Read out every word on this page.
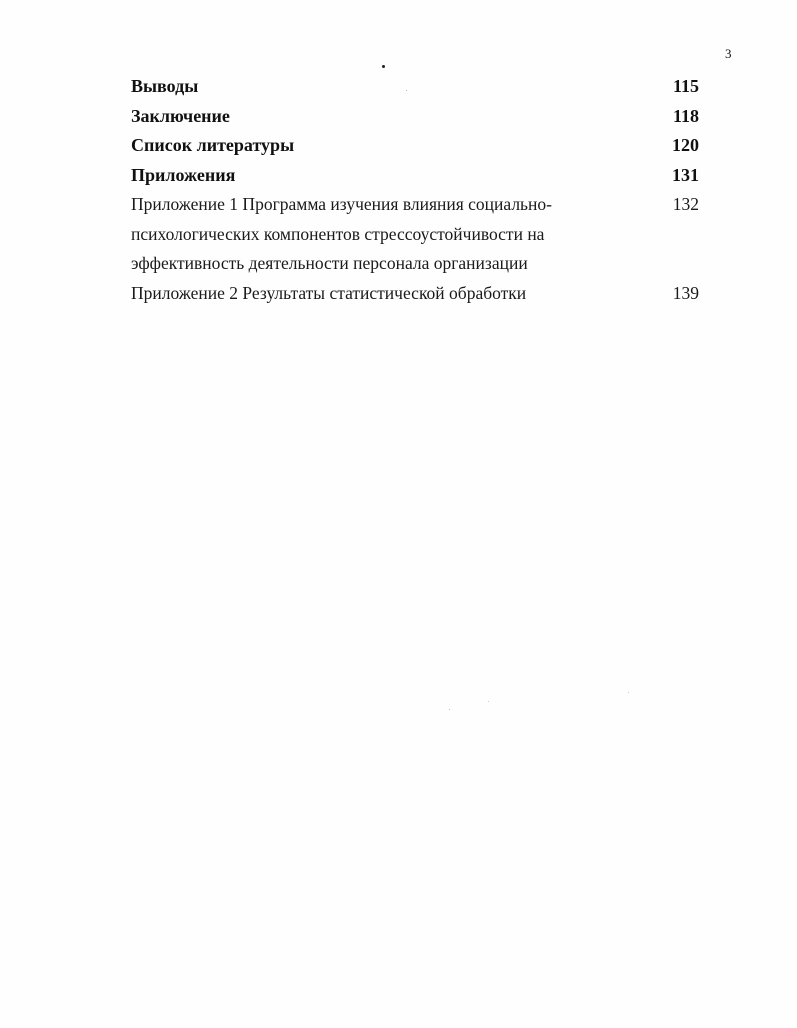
3
Выводы	115
Заключение	118
Список литературы	120
Приложения	131
Приложение 1 Программа изучения влияния социально-	132
психологических компонентов стрессоустойчивости на
эффективность деятельности персонала организации
Приложение 2 Результаты статистической обработки	139
